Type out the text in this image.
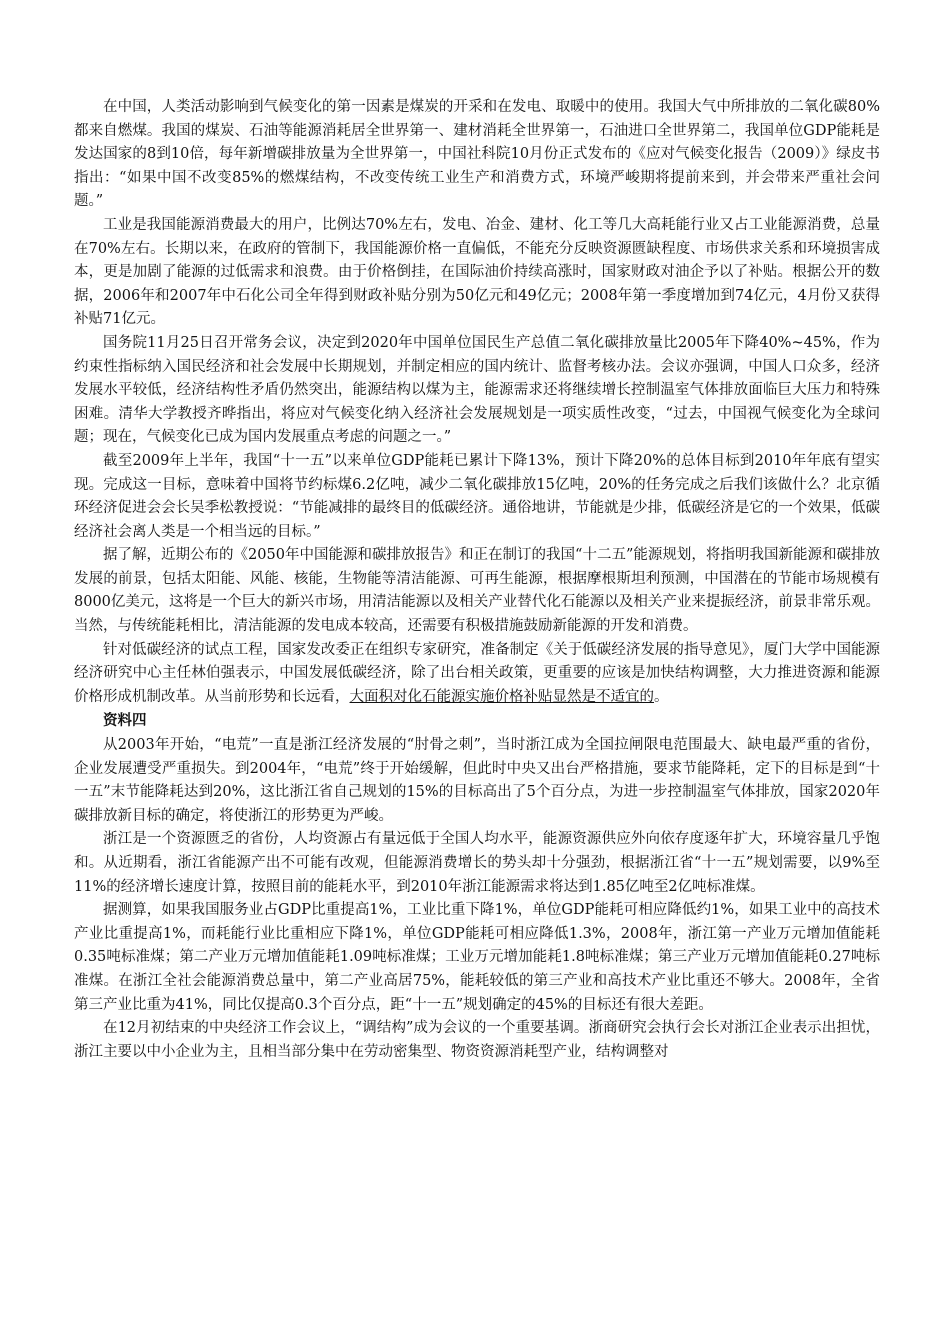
在中国，人类活动影响到气候变化的第一因素是煤炭的开采和在发电、取暖中的使用。我国大气中所排放的二氧化碳80%都来自燃煤。我国的煤炭、石油等能源消耗居全世界第一、建材消耗全世界第一，石油进口全世界第二，我国单位GDP能耗是发达国家的8到10倍，每年新增碳排放量为全世界第一，中国社科院10月份正式发布的《应对气候变化报告（2009）》绿皮书指出：“如果中国不改变85%的燃煤结构，不改变传统工业生产和消费方式，环境严峻期将提前来到，并会带来严重社会问题。”

工业是我国能源消费最大的用户，比例达70%左右，发电、冶金、建材、化工等几大高耗能行业又占工业能源消费，总量在70%左右。长期以来，在政府的管制下，我国能源价格一直偏低，不能充分反映资源匮缺程度、市场供求关系和环境损害成本，更是加剧了能源的过低需求和浪费。由于价格倒挂，在国际油价持续高涨时，国家财政对油企予以了补贴。根据公开的数据，2006年和2007年中石化公司全年得到财政补贴分别为50亿元和49亿元；2008年第一季度增加到74亿元，4月份又获得补贴71亿元。

国务院11月25日召开常务会议，决定到2020年中国单位国民生产总值二氧化碳排放量比2005年下降40%~45%，作为约束性指标纳入国民经济和社会发展中长期规划，并制定相应的国内统计、监督考核办法。会议亦强调，中国人口众多，经济发展水平较低，经济结构性矛盾仍然突出，能源结构以煤为主，能源需求还将继续增长控制温室气体排放面临巨大压力和特殊困难。清华大学教授齐晔指出，将应对气候变化纳入经济社会发展规划是一项实质性改变，“过去，中国视气候变化为全球问题；现在，气候变化已成为国内发展重点考虑的问题之一。”

截至2009年上半年，我国“十一五”以来单位GDP能耗已累计下降13%，预计下降20%的总体目标到2010年年底有望实现。完成这一目标，意味着中国将节约标煤6.2亿吨，减少二氧化碳排放15亿吨，20%的任务完成之后我们该做什么？北京循环经济促进会会长吴季松教授说：“节能减排的最终目的低碳经济。通俗地讲，节能就是少排，低碳经济是它的一个效果，低碳经济社会离人类是一个相当远的目标。”

据了解，近期公布的《2050年中国能源和碳排放报告》和正在制订的我国“十二五”能源规划，将指明我国新能源和碳排放发展的前景，包括太阳能、风能、核能，生物能等清洁能源、可再生能源，根据摩根斯坦利预测，中国潜在的节能市场规模有8000亿美元，这将是一个巨大的新兴市场，用清洁能源以及相关产业替代化石能源以及相关产业来提振经济，前景非常乐观。当然，与传统能耗相比，清洁能源的发电成本较高，还需要有积极措施鼓励新能源的开发和消费。

针对低碳经济的试点工程，国家发改委正在组织专家研究，准备制定《关于低碳经济发展的指导意见》，厦门大学中国能源经济研究中心主任林伯强表示，中国发展低碳经济，除了出台相关政策，更重要的应该是加快结构调整，大力推进资源和能源价格形成机制改革。从当前形势和长远看，大面积对化石能源实施价格补贴显然是不适宜的。

资料四

从2003年开始，“电荒”一直是浙江经济发展的“肘骨之刺”，当时浙江成为全国拉闸限电范围最大、缺电最严重的省份，企业发展遭受严重损失。到2004年，“电荒”终于开始缓解，但此时中央又出台严格措施，要求节能降耗，定下的目标是到“十一五”末节能降耗达到20%，这比浙江省自己规划的15%的目标高出了5个百分点，为进一步控制温室气体排放，国家2020年碳排放新目标的确定，将使浙江的形势更为严峻。

浙江是一个资源匮乏的省份，人均资源占有量远低于全国人均水平，能源资源供应外向依存度逐年扩大，环境容量几乎饱和。从近期看，浙江省能源产出不可能有改观，但能源消费增长的势头却十分强劲，根据浙江省“十一五”规划需要，以9%至11%的经济增长速度计算，按照目前的能耗水平，到2010年浙江能源需求将达到1.85亿吨至2亿吨标准煤。

据测算，如果我国服务业占GDP比重提高1%，工业比重下降1%，单位GDP能耗可相应降低约1%，如果工业中的高技术产业比重提高1%，而耗能行业比重相应下降1%，单位GDP能耗可相应降低1.3%，2008年，浙江第一产业万元增加值能耗0.35吨标准煤；第二产业万元增加值能耗1.09吨标准煤；工业万元增加能耗1.8吨标准煤；第三产业万元增加值能耗0.27吨标准煤。在浙江全社会能源消费总量中，第二产业高居75%，能耗较低的第三产业和高技术产业比重还不够大。2008年，全省第三产业比重为41%，同比仅提高0.3个百分点，距“十一五”规划确定的45%的目标还有很大差距。

在12月初结束的中央经济工作会议上，“调结构”成为会议的一个重要基调。浙商研究会执行会长对浙江企业表示出担忧，浙江主要以中小企业为主，且相当部分集中在劳动密集型、物资资源消耗型产业，结构调整对
